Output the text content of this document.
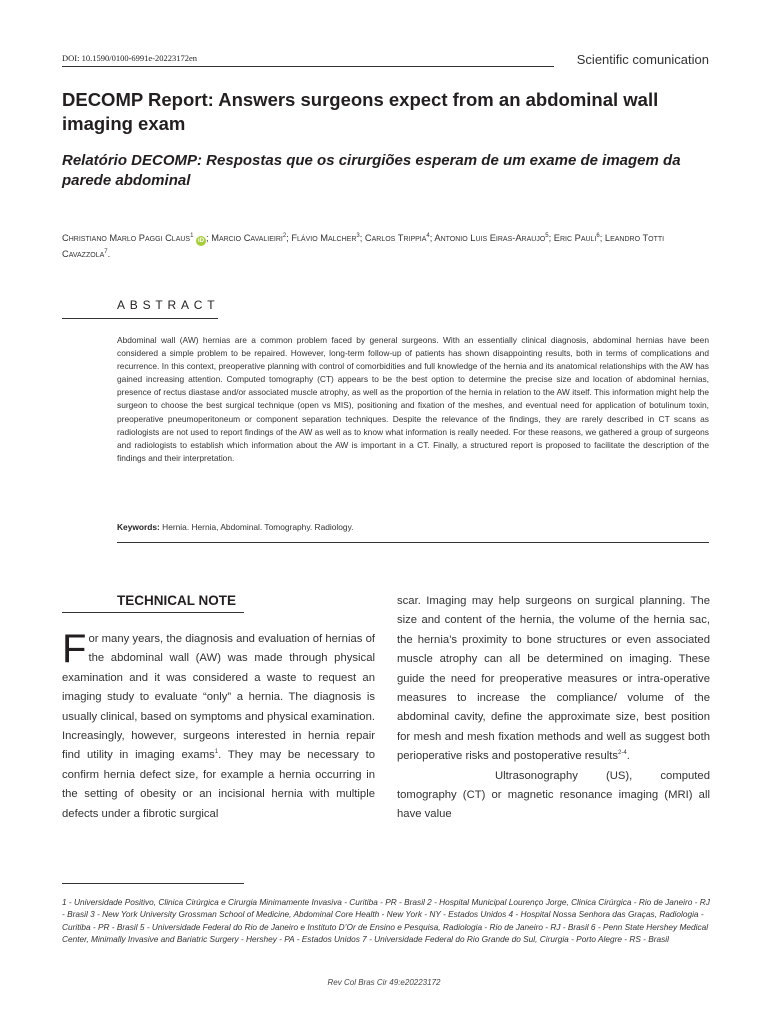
DOI: 10.1590/0100-6991e-20223172en	Scientific comunication
DECOMP Report: Answers surgeons expect from an abdominal wall imaging exam
Relatório DECOMP: Respostas que os cirurgiões esperam de um exame de imagem da parede abdominal
Christiano Marlo Paggi Claus$^1$ iD ; Marcio Cavalieiri$^2$; Flávio Malcher$^3$; Carlos Trippia$^4$; Antonio Luis Eiras-Araujo$^5$; Eric Pauli$^6$; Leandro Totti Cavazzola$^7$.
ABSTRACT

Abdominal wall (AW) hernias are a common problem faced by general surgeons. With an essentially clinical diagnosis, abdominal hernias have been considered a simple problem to be repaired. However, long-term follow-up of patients has shown disappointing results, both in terms of complications and recurrence. In this context, preoperative planning with control of comorbidities and full knowledge of the hernia and its anatomical relationships with the AW has gained increasing attention. Computed tomography (CT) appears to be the best option to determine the precise size and location of abdominal hernias, presence of rectus diastase and/or associated muscle atrophy, as well as the proportion of the hernia in relation to the AW itself. This information might help the surgeon to choose the best surgical technique (open vs MIS), positioning and fixation of the meshes, and eventual need for application of botulinum toxin, preoperative pneumoperitoneum or component separation techniques. Despite the relevance of the findings, they are rarely described in CT scans as radiologists are not used to report findings of the AW as well as to know what information is really needed. For these reasons, we gathered a group of surgeons and radiologists to establish which information about the AW is important in a CT. Finally, a structured report is proposed to facilitate the description of the findings and their interpretation.

Keywords: Hernia. Hernia, Abdominal. Tomography. Radiology.
TECHNICAL NOTE

For many years, the diagnosis and evaluation of hernias of the abdominal wall (AW) was made through physical examination and it was considered a waste to request an imaging study to evaluate “only” a hernia. The diagnosis is usually clinical, based on symptoms and physical examination. Increasingly, however, surgeons interested in hernia repair find utility in imaging exams$^1$. They may be necessary to confirm hernia defect size, for example a hernia occurring in the setting of obesity or an incisional hernia with multiple defects under a fibrotic surgical

scar. Imaging may help surgeons on surgical planning. The size and content of the hernia, the volume of the hernia sac, the hernia’s proximity to bone structures or even associated muscle atrophy can all be determined on imaging. These guide the need for preoperative measures or intra-operative measures to increase the compliance/ volume of the abdominal cavity, define the approximate size, best position for mesh and mesh fixation methods and well as suggest both perioperative risks and postoperative results$^{2-4}$.

Ultrasonography (US), computed tomography (CT) or magnetic resonance imaging (MRI) all have value

1 - Universidade Positivo, Clinica Cirúrgica e Cirurgia Minimamente Invasiva - Curitiba - PR - Brasil 2 - Hospital Municipal Lourenço Jorge, Clinica Cirúrgica - Rio de Janeiro - RJ - Brasil 3 - New York University Grossman School of Medicine, Abdominal Core Health - New York - NY - Estados Unidos 4 - Hospital Nossa Senhora das Graças, Radiologia - Curitiba - PR - Brasil 5 - Universidade Federal do Rio de Janeiro e Instituto D’Or de Ensino e Pesquisa, Radiologia - Rio de Janeiro - RJ - Brasil 6 - Penn State Hershey Medical Center, Minimally Invasive and Bariatric Surgery - Hershey - PA - Estados Unidos 7 - Universidade Federal do Rio Grande do Sul, Cirurgia - Porto Alegre - RS - Brasil

Rev Col Bras Cir 49:e20223172
